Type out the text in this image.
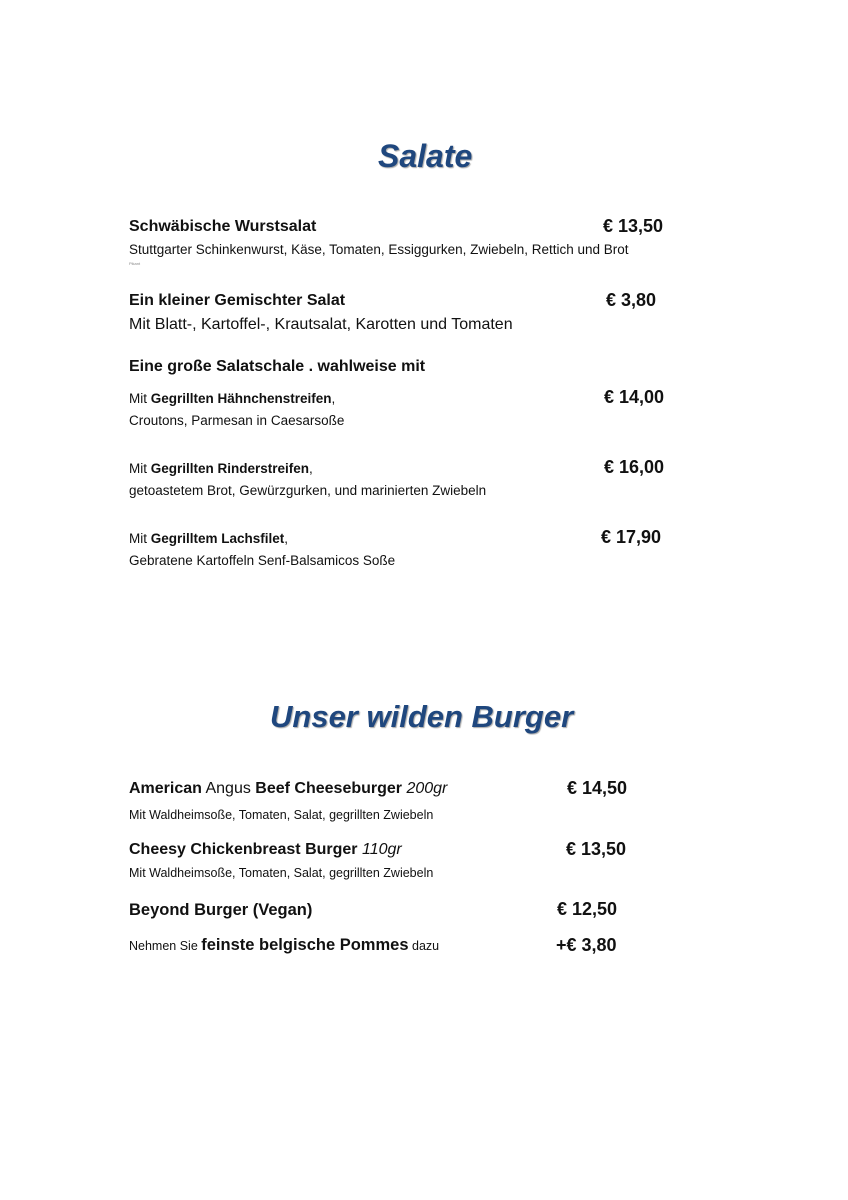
Salate
Schwäbische Wurstsalat	€ 13,50
Stuttgarter Schinkenwurst, Käse, Tomaten, Essiggurken, Zwiebeln, Rettich und Brot
Pikant
Ein kleiner Gemischter Salat	€ 3,80
Mit Blatt-, Kartoffel-, Krautsalat, Karotten und Tomaten
Eine große Salatschale . wahlweise mit
Mit Gegrillten Hähnchenstreifen,	€ 14,00
Croutons, Parmesan in Caesarsoße
Mit Gegrillten Rinderstreifen,	€ 16,00
getoastetem Brot, Gewürzgurken, und marinierten Zwiebeln
Mit Gegrilltem Lachsfilet,	€ 17,90
Gebratene Kartoffeln Senf-Balsamicos Soße
Unser wilden Burger
American Angus Beef Cheeseburger 200gr	€ 14,50
Mit Waldheimsoße, Tomaten, Salat, gegrillten Zwiebeln
Cheesy Chickenbreast Burger 110gr	€ 13,50
Mit Waldheimsoße, Tomaten, Salat, gegrillten Zwiebeln
Beyond Burger (Vegan)	€ 12,50
Nehmen Sie feinste belgische Pommes dazu	+€ 3,80
